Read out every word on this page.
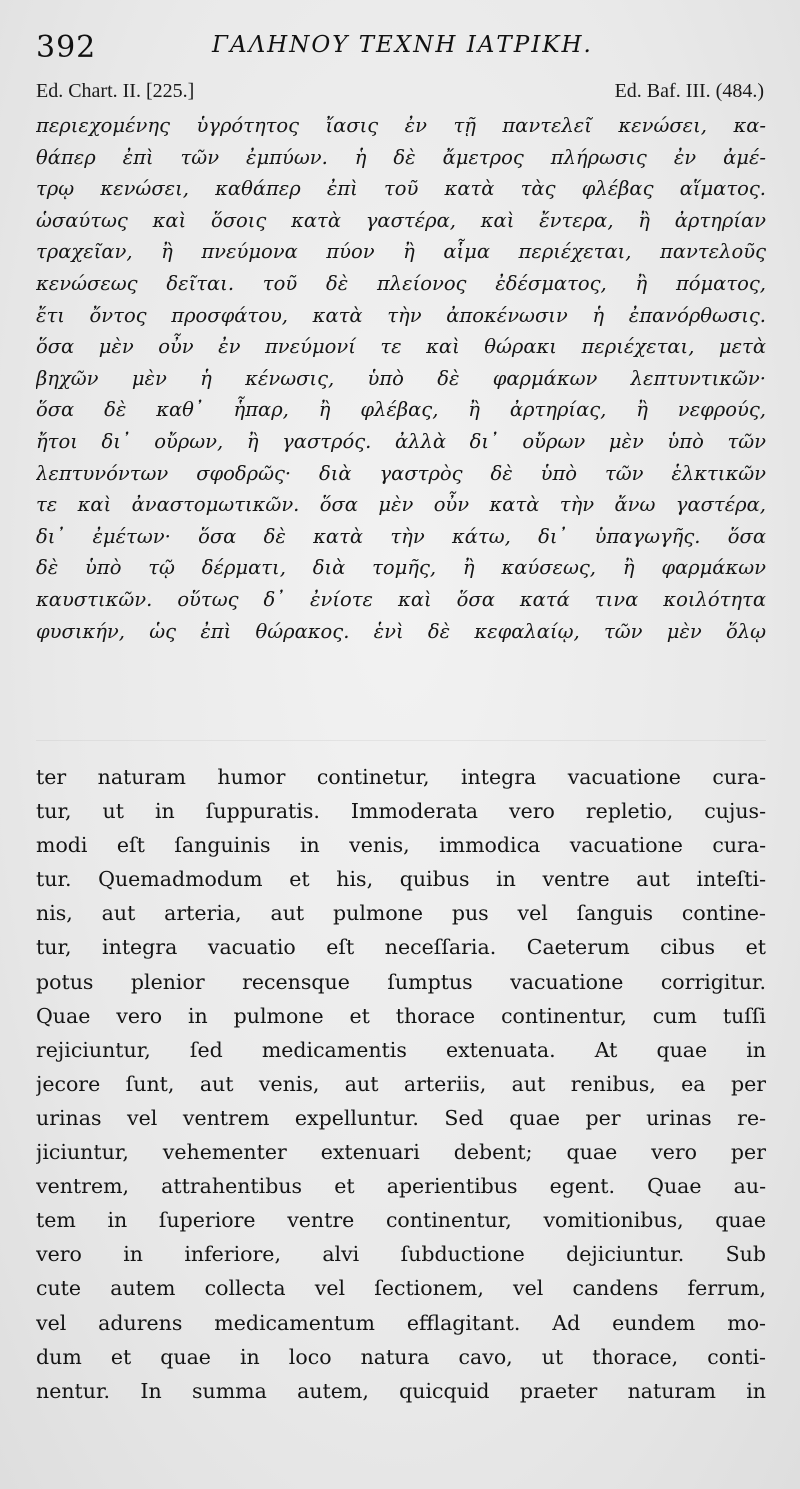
392	ΓΑΛΗΝΟΥ ΤΕΧΝΗ ΙΑΤΡΙΚΗ.
Ed. Chart. II. [225.]	Ed. Baf. III. (484.)
περιεχομένης ὑγρότητος ἴασις ἐν τῇ παντελεῖ κενώσει, κα-
θάπερ ἐπὶ τῶν ἐμπύων. ἡ δὲ ἄμετρος πλήρωσις ἐν ἀμέ-
τρῳ κενώσει, καθάπερ ἐπὶ τοῦ κατὰ τὰς φλέβας αἵματος.
ὡσαύτως καὶ ὅσοις κατὰ γαστέρα, καὶ ἔντερα, ἢ ἀρτηρίαν
τραχεῖαν, ἢ πνεύμονα πύον ἢ αἷμα περιέχεται, παντελοῦς
κενώσεως δεῖται. τοῦ δὲ πλείονος ἐδέσματος, ἢ πόματος,
ἔτι ὄντος προσφάτου, κατὰ τὴν ἀποκένωσιν ἡ ἐπανόρθωσις.
ὅσα μὲν οὖν ἐν πνεύμονί τε καὶ θώρακι περιέχεται, μετὰ
βηχῶν μὲν ἡ κένωσις, ὑπὸ δὲ φαρμάκων λεπτυντικῶν·
ὅσα δὲ καθ᾽ ἧπαρ, ἢ φλέβας, ἢ ἀρτηρίας, ἢ νεφρούς,
ἤτοι δι᾽ οὔρων, ἢ γαστρός. ἀλλὰ δι᾽ οὔρων μὲν ὑπὸ τῶν
λεπτυνόντων σφοδρῶς· διὰ γαστρὸς δὲ ὑπὸ τῶν ἑλκτικῶν
τε καὶ ἀναστομωτικῶν. ὅσα μὲν οὖν κατὰ τὴν ἄνω γαστέρα,
δι᾽ ἐμέτων· ὅσα δὲ κατὰ τὴν κάτω, δι᾽ ὑπαγωγῆς. ὅσα
δὲ ὑπὸ τῷ δέρματι, διὰ τομῆς, ἢ καύσεως, ἢ φαρμάκων
καυστικῶν. οὕτως δ᾽ ἐνίοτε καὶ ὅσα κατά τινα κοιλότητα
φυσικήν, ὡς ἐπὶ θώρακος. ἑνὶ δὲ κεφαλαίῳ, τῶν μὲν ὅλῳ
ter naturam humor continetur, integra vacuatione cura-
tur, ut in ſuppuratis. Immoderata vero repletio, cujus-
modi eſt ſanguinis in venis, immodica vacuatione cura-
tur. Quemadmodum et his, quibus in ventre aut inteſti-
nis, aut arteria, aut pulmone pus vel ſanguis contine-
tur, integra vacuatio eſt neceſſaria. Caeterum cibus et
potus plenior recensque ſumptus vacuatione corrigitur.
Quae vero in pulmone et thorace continentur, cum tuſſi
rejiciuntur, ſed medicamentis extenuata. At quae in
jecore ſunt, aut venis, aut arteriis, aut renibus, ea per
urinas vel ventrem expelluntur. Sed quae per urinas re-
jiciuntur, vehementer extenuari debent; quae vero per
ventrem, attrahentibus et aperientibus egent. Quae au-
tem in ſuperiore ventre continentur, vomitionibus, quae
vero in inferiore, alvi ſubductione dejiciuntur. Sub
cute autem collecta vel ſectionem, vel candens ferrum,
vel adurens medicamentum efflagitant. Ad eundem mo-
dum et quae in loco natura cavo, ut thorace, conti-
nentur. In summa autem, quicquid praeter naturam in
